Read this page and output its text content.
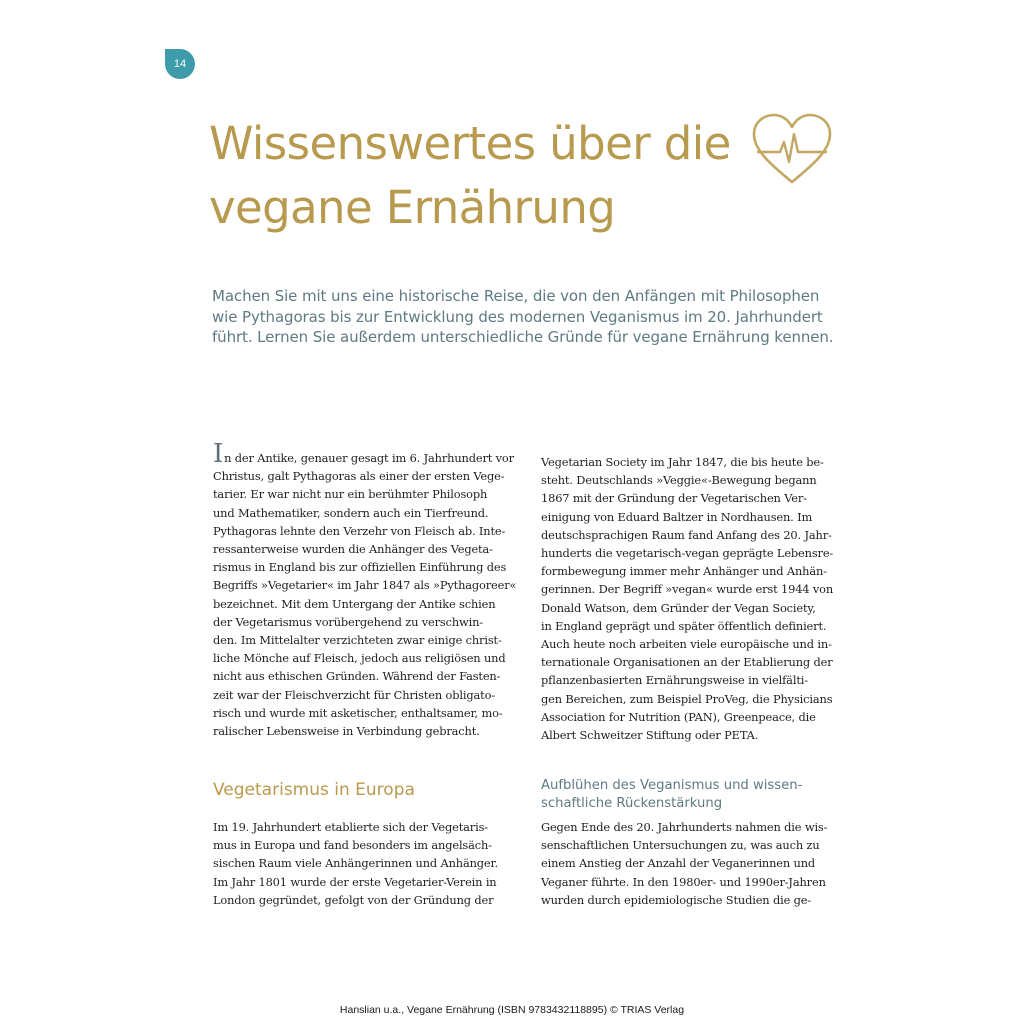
14
Wissenswertes über die
vegane Ernährung

Machen Sie mit uns eine historische Reise, die von den Anfängen mit Philosophen
wie Pythagoras bis zur Entwicklung des modernen Veganismus im 20. Jahrhundert
führt. Lernen Sie außerdem unterschiedliche Gründe für vegane Ernährung kennen.

In der Antike, genauer gesagt im 6. Jahrhundert vor
Christus, galt Pythagoras als einer der ersten Vege-
tarier. Er war nicht nur ein berühmter Philosoph
und Mathematiker, sondern auch ein Tierfreund.
Pythagoras lehnte den Verzehr von Fleisch ab. Inte-
ressanterweise wurden die Anhänger des Vegeta-
rismus in England bis zur offiziellen Einführung des
Begriffs »Vegetarier« im Jahr 1847 als »Pythagoreer«
bezeichnet. Mit dem Untergang der Antike schien
der Vegetarismus vorübergehend zu verschwin-
den. Im Mittelalter verzichteten zwar einige christ-
liche Mönche auf Fleisch, jedoch aus religiösen und
nicht aus ethischen Gründen. Während der Fasten-
zeit war der Fleischverzicht für Christen obligato-
risch und wurde mit asketischer, enthaltsamer, mo-
ralischer Lebensweise in Verbindung gebracht.
Vegetarian Society im Jahr 1847, die bis heute be-
steht. Deutschlands »Veggie«-Bewegung begann
1867 mit der Gründung der Vegetarischen Ver-
einigung von Eduard Baltzer in Nordhausen. Im
deutschsprachigen Raum fand Anfang des 20. Jahr-
hunderts die vegetarisch-vegan geprägte Lebensre-
formbewegung immer mehr Anhänger und Anhän-
gerinnen. Der Begriff »vegan« wurde erst 1944 von
Donald Watson, dem Gründer der Vegan Society,
in England geprägt und später öffentlich definiert.
Auch heute noch arbeiten viele europäische und in-
ternationale Organisationen an der Etablierung der
pflanzenbasierten Ernährungsweise in vielfälti-
gen Bereichen, zum Beispiel ProVeg, die Physicians
Association for Nutrition (PAN), Greenpeace, die
Albert Schweitzer Stiftung oder PETA.
Vegetarismus in Europa	Aufblühen des Veganismus und wissen-
schaftliche Rückenstärkung
Im 19. Jahrhundert etablierte sich der Vegetaris-
mus in Europa und fand besonders im angelsäch-
sischen Raum viele Anhängerinnen und Anhänger.
Im Jahr 1801 wurde der erste Vegetarier-Verein in
London gegründet, gefolgt von der Gründung der
Gegen Ende des 20. Jahrhunderts nahmen die wis-
senschaftlichen Untersuchungen zu, was auch zu
einem Anstieg der Anzahl der Veganerinnen und
Veganer führte. In den 1980er- und 1990er-Jahren
wurden durch epidemiologische Studien die ge-
Hanslian u.a., Vegane Ernährung (ISBN 9783432118895) © TRIAS Verlag
